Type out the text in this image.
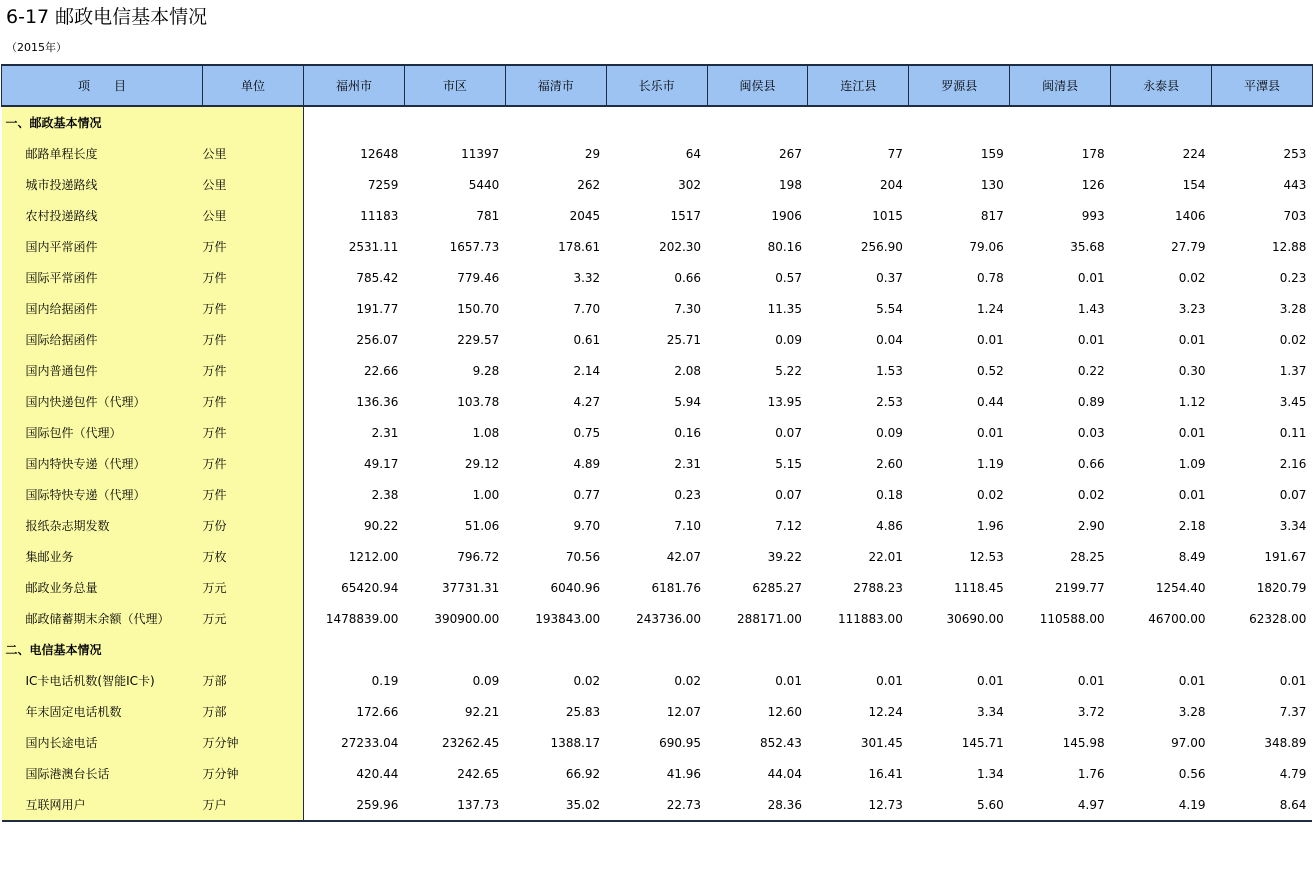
6-17 邮政电信基本情况
（2015年）
项　　目	单位	福州市	市区	福清市	长乐市	闽侯县	连江县	罗源县	闽清县	永泰县	平潭县
一、邮政基本情况											
邮路单程长度	公里	12648	11397	29	64	267	77	159	178	224	253
城市投递路线	公里	7259	5440	262	302	198	204	130	126	154	443
农村投递路线	公里	11183	781	2045	1517	1906	1015	817	993	1406	703
国内平常函件	万件	2531.11	1657.73	178.61	202.30	80.16	256.90	79.06	35.68	27.79	12.88
国际平常函件	万件	785.42	779.46	3.32	0.66	0.57	0.37	0.78	0.01	0.02	0.23
国内给据函件	万件	191.77	150.70	7.70	7.30	11.35	5.54	1.24	1.43	3.23	3.28
国际给据函件	万件	256.07	229.57	0.61	25.71	0.09	0.04	0.01	0.01	0.01	0.02
国内普通包件	万件	22.66	9.28	2.14	2.08	5.22	1.53	0.52	0.22	0.30	1.37
国内快递包件（代理）	万件	136.36	103.78	4.27	5.94	13.95	2.53	0.44	0.89	1.12	3.45
国际包件（代理）	万件	2.31	1.08	0.75	0.16	0.07	0.09	0.01	0.03	0.01	0.11
国内特快专递（代理）	万件	49.17	29.12	4.89	2.31	5.15	2.60	1.19	0.66	1.09	2.16
国际特快专递（代理）	万件	2.38	1.00	0.77	0.23	0.07	0.18	0.02	0.02	0.01	0.07
报纸杂志期发数	万份	90.22	51.06	9.70	7.10	7.12	4.86	1.96	2.90	2.18	3.34
集邮业务	万枚	1212.00	796.72	70.56	42.07	39.22	22.01	12.53	28.25	8.49	191.67
邮政业务总量	万元	65420.94	37731.31	6040.96	6181.76	6285.27	2788.23	1118.45	2199.77	1254.40	1820.79
邮政储蓄期末余额（代理）	万元	1478839.00	390900.00	193843.00	243736.00	288171.00	111883.00	30690.00	110588.00	46700.00	62328.00
二、电信基本情况											
IC卡电话机数(智能IC卡)	万部	0.19	0.09	0.02	0.02	0.01	0.01	0.01	0.01	0.01	0.01
年末固定电话机数	万部	172.66	92.21	25.83	12.07	12.60	12.24	3.34	3.72	3.28	7.37
国内长途电话	万分钟	27233.04	23262.45	1388.17	690.95	852.43	301.45	145.71	145.98	97.00	348.89
国际港澳台长话	万分钟	420.44	242.65	66.92	41.96	44.04	16.41	1.34	1.76	0.56	4.79
互联网用户	万户	259.96	137.73	35.02	22.73	28.36	12.73	5.60	4.97	4.19	8.64
